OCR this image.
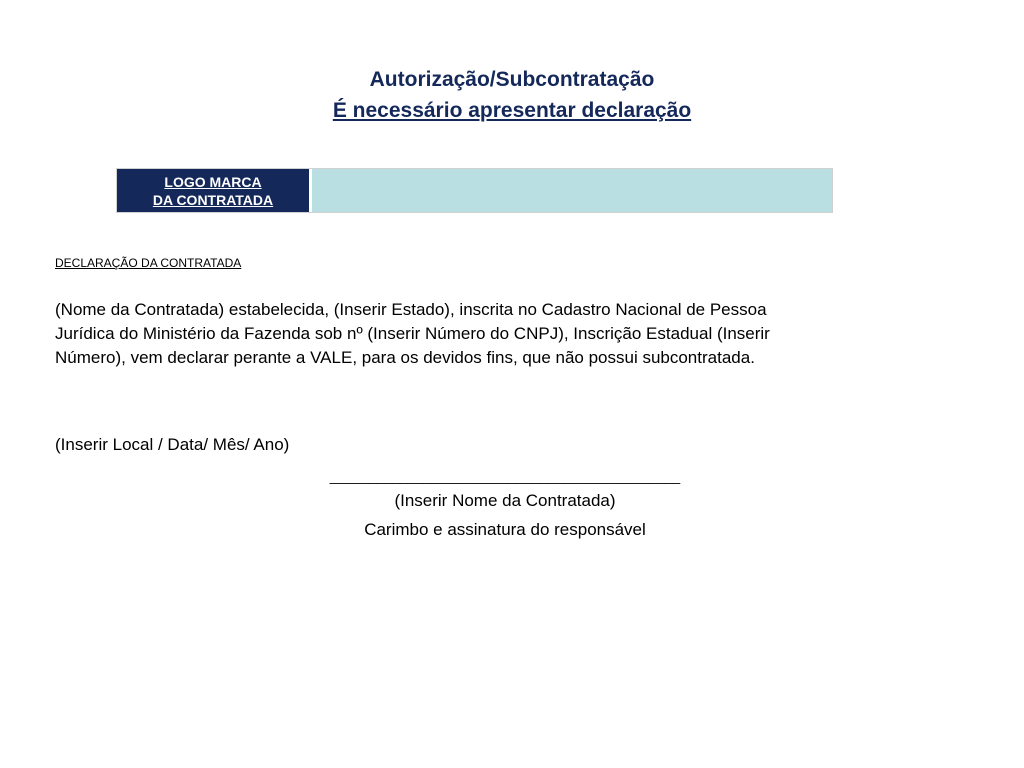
Autorização/Subcontratação
É necessário apresentar declaração
LOGO MARCA
DA CONTRATADA
DECLARAÇÃO DA CONTRATADA
(Nome da Contratada) estabelecida, (Inserir Estado), inscrita no Cadastro Nacional de Pessoa
Jurídica do Ministério da Fazenda sob nº (Inserir Número do CNPJ), Inscrição Estadual (Inserir
Número), vem declarar perante a VALE, para os devidos fins, que não possui subcontratada.
(Inserir Local / Data/ Mês/ Ano)
_____________________________________________
(Inserir Nome da Contratada)
Carimbo e assinatura do responsável
